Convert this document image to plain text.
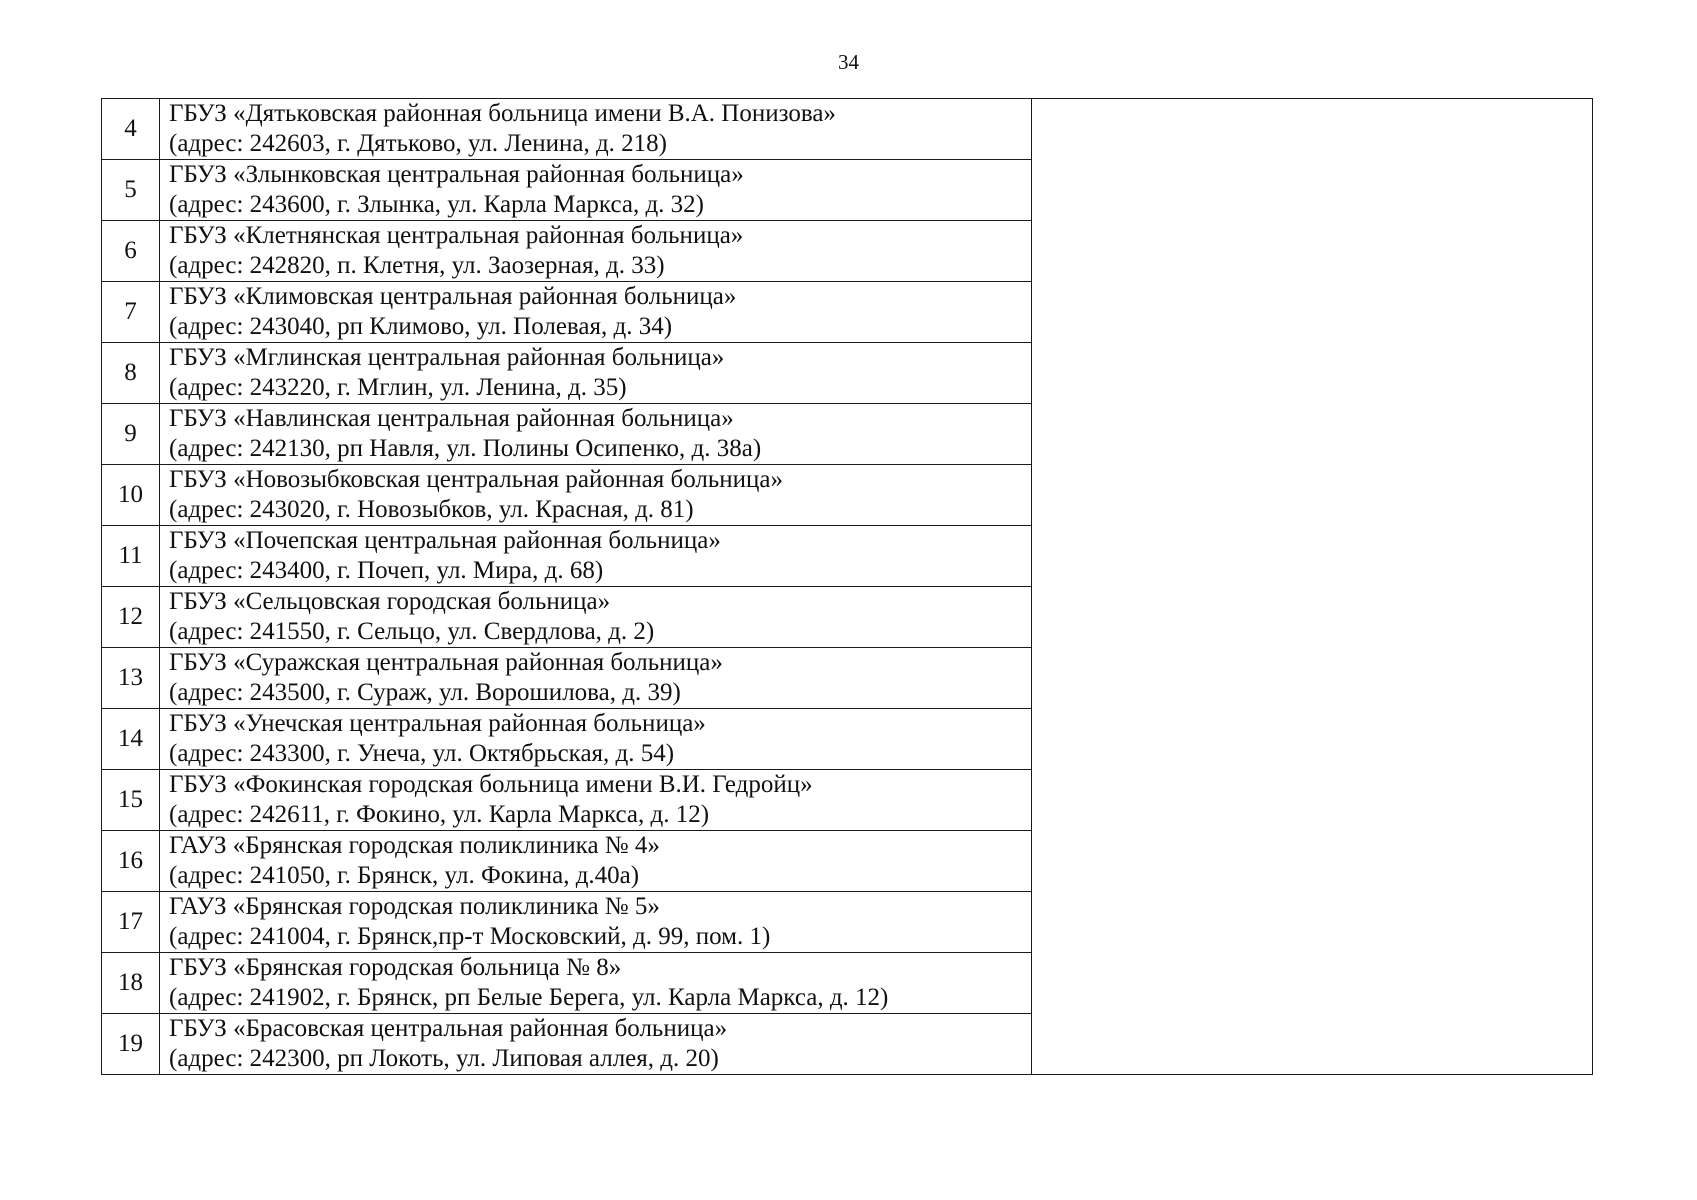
34
4	ГБУЗ «Дятьковская районная больница имени В.А. Понизова»
(адрес: 242603, г. Дятьково, ул. Ленина, д. 218)	

5	ГБУЗ «Злынковская центральная районная больница»
(адрес: 243600, г. Злынка, ул. Карла Маркса, д. 32)	

6	ГБУЗ «Клетнянская центральная районная больница»
(адрес: 242820, п. Клетня, ул. Заозерная, д. 33)	

7	ГБУЗ «Климовская центральная районная больница»
(адрес: 243040, рп Климово, ул. Полевая, д. 34)	

8	ГБУЗ «Мглинская центральная районная больница»
(адрес: 243220, г. Мглин, ул. Ленина, д. 35)	

9	ГБУЗ «Навлинская центральная районная больница»
(адрес: 242130, рп Навля, ул. Полины Осипенко, д. 38а)	

10	ГБУЗ «Новозыбковская центральная районная больница»
(адрес: 243020, г. Новозыбков, ул. Красная, д. 81)	

11	ГБУЗ «Почепская центральная районная больница»
(адрес: 243400, г. Почеп, ул. Мира, д. 68)	

12	ГБУЗ «Сельцовская городская больница»
(адрес: 241550, г. Сельцо, ул. Свердлова, д. 2)	

13	ГБУЗ «Суражская центральная районная больница»
(адрес: 243500, г. Сураж, ул. Ворошилова, д. 39)	

14	ГБУЗ «Унечская центральная районная больница»
(адрес: 243300, г. Унеча, ул. Октябрьская, д. 54)	

15	ГБУЗ «Фокинская городская больница имени В.И. Гедройц»
(адрес: 242611, г. Фокино, ул. Карла Маркса, д. 12)	

16	ГАУЗ «Брянская городская поликлиника № 4»
(адрес: 241050, г. Брянск, ул. Фокина, д.40а)	

17	ГАУЗ «Брянская городская поликлиника № 5»
(адрес: 241004, г. Брянск,пр-т Московский, д. 99, пом. 1)	

18	ГБУЗ «Брянская городская больница № 8»
(адрес: 241902, г. Брянск, рп Белые Берега, ул. Карла Маркса, д. 12)	

19	ГБУЗ «Брасовская центральная районная больница»
(адрес: 242300, рп Локоть, ул. Липовая аллея, д. 20)	
